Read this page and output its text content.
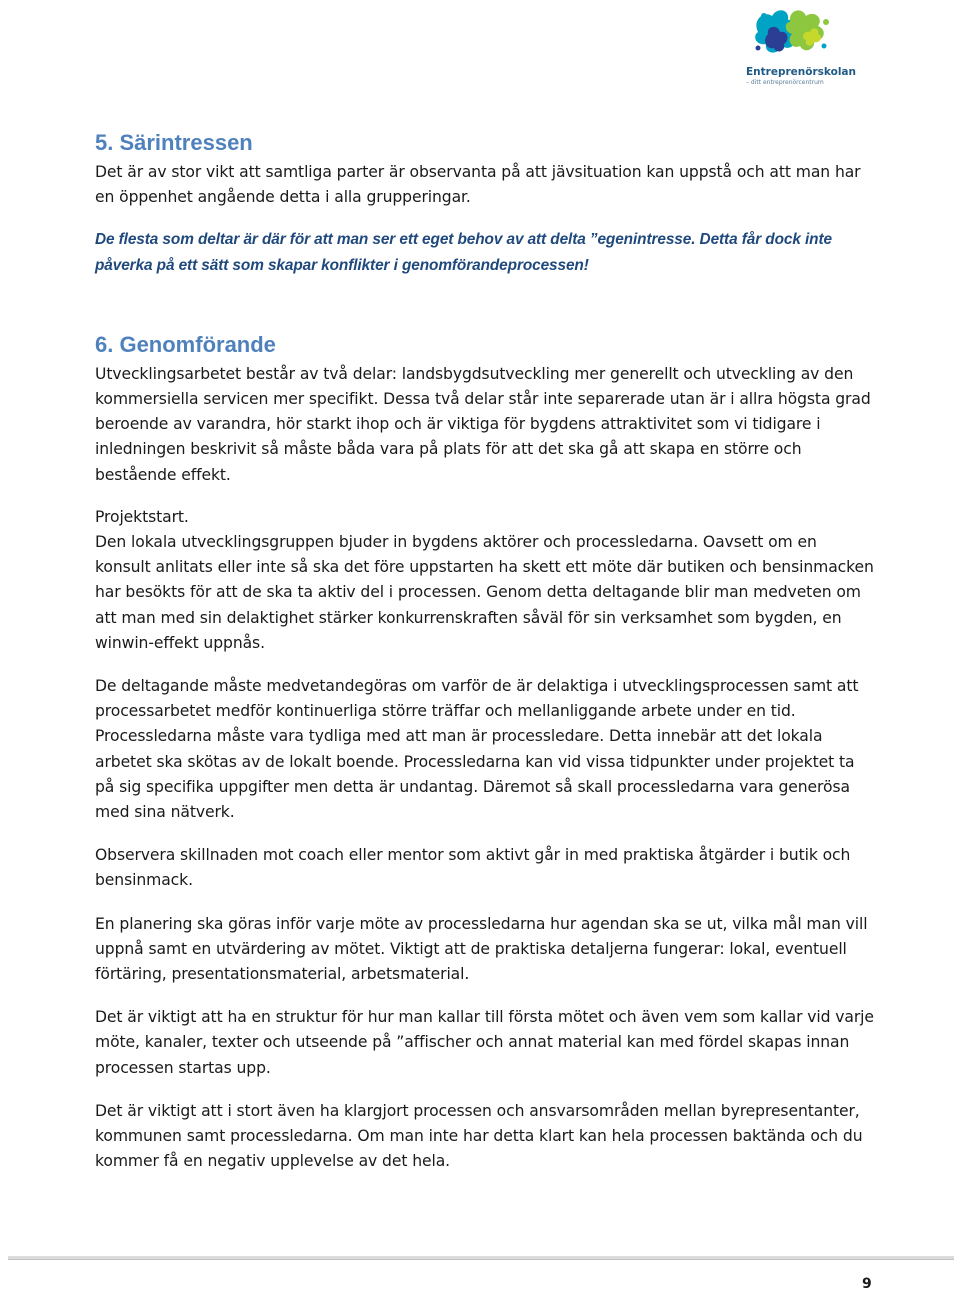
Entreprenörskolan
– ditt entreprenörcentrum
5. Särintressen

Det är av stor vikt att samtliga parter är observanta på att jävsituation kan uppstå och att man har en öppenhet angående detta i alla grupperingar.

De flesta som deltar är där för att man ser ett eget behov av att delta ”egenintresse. Detta får dock inte påverka på ett sätt som skapar konflikter i genomförandeprocessen!

6. Genomförande

Utvecklingsarbetet består av två delar: landsbygdsutveckling mer generellt och utveckling av den kommersiella servicen mer specifikt. Dessa två delar står inte separerade utan är i allra högsta grad beroende av varandra, hör starkt ihop och är viktiga för bygdens attraktivitet som vi tidigare i inledningen beskrivit så måste båda vara på plats för att det ska gå att skapa en större och bestående effekt.

Projektstart.

Den lokala utvecklingsgruppen bjuder in bygdens aktörer och processledarna. Oavsett om en konsult anlitats eller inte så ska det före uppstarten ha skett ett möte där butiken och bensinmacken har besökts för att de ska ta aktiv del i processen. Genom detta deltagande blir man medveten om att man med sin delaktighet stärker konkurrenskraften såväl för sin verksamhet som bygden, en winwin-effekt uppnås.

De deltagande måste medvetandegöras om varför de är delaktiga i utvecklingsprocessen samt att processarbetet medför kontinuerliga större träffar och mellanliggande arbete under en tid. Processledarna måste vara tydliga med att man är processledare. Detta innebär att det lokala arbetet ska skötas av de lokalt boende. Processledarna kan vid vissa tidpunkter under projektet ta på sig specifika uppgifter men detta är undantag. Däremot så skall processledarna vara generösa med sina nätverk.

Observera skillnaden mot coach eller mentor som aktivt går in med praktiska åtgärder i butik och bensinmack.

En planering ska göras inför varje möte av processledarna hur agendan ska se ut, vilka mål man vill uppnå samt en utvärdering av mötet. Viktigt att de praktiska detaljerna fungerar: lokal, eventuell förtäring, presentationsmaterial, arbetsmaterial.

Det är viktigt att ha en struktur för hur man kallar till första mötet och även vem som kallar vid varje möte, kanaler, texter och utseende på ”affischer och annat material kan med fördel skapas innan processen startas upp.

Det är viktigt att i stort även ha klargjort processen och ansvarsområden mellan byrepresentanter, kommunen samt processledarna. Om man inte har detta klart kan hela processen baktända och du kommer få en negativ upplevelse av det hela.

9
